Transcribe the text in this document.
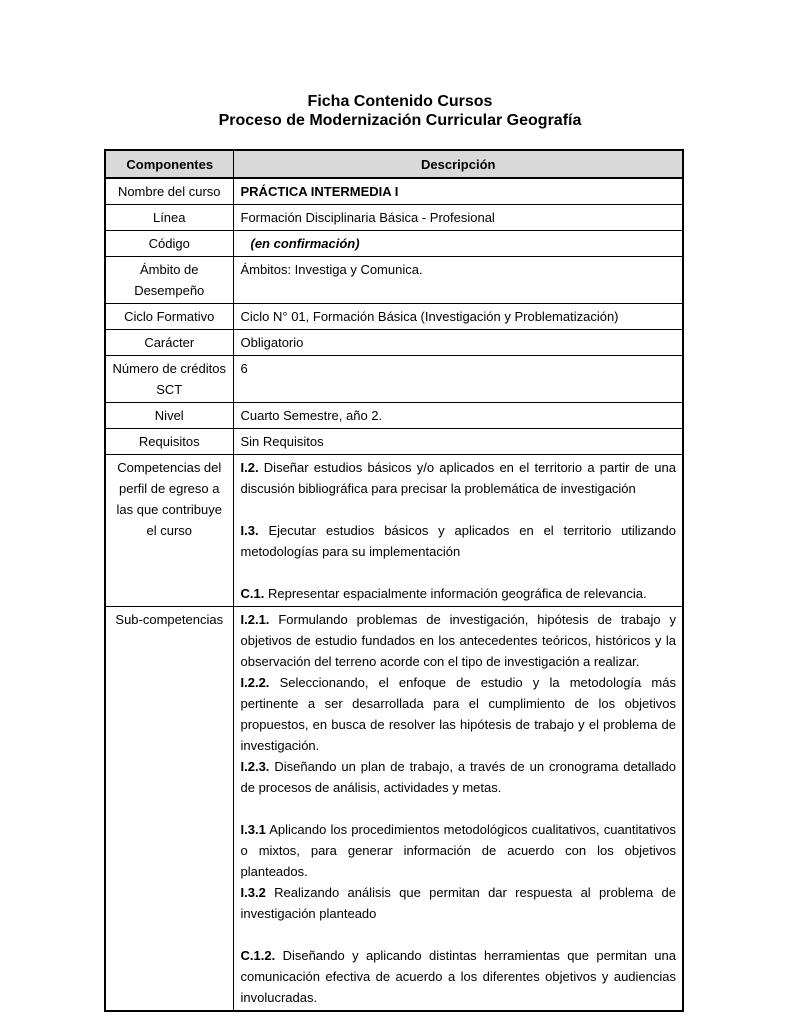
Ficha Contenido Cursos
Proceso de Modernización Curricular Geografía
Componentes	Descripción
Nombre del curso	PRÁCTICA INTERMEDIA I
Línea	Formación Disciplinaria Básica - Profesional
Código	(en confirmación)
Ámbito de Desempeño	Ámbitos: Investiga y Comunica.
Ciclo Formativo	Ciclo N° 01, Formación Básica (Investigación y Problematización)
Carácter	Obligatorio
Número de créditos SCT	6
Nivel	Cuarto Semestre, año 2.
Requisitos	Sin Requisitos
Competencias del perfil de egreso a las que contribuye el curso	I.2. Diseñar estudios básicos y/o aplicados en el territorio a partir de una discusión bibliográfica para precisar la problemática de investigación

I.3. Ejecutar estudios básicos y aplicados en el territorio utilizando metodologías para su implementación

C.1. Representar espacialmente información geográfica de relevancia.

Sub-competencias	I.2.1. Formulando problemas de investigación, hipótesis de trabajo y objetivos de estudio fundados en los antecedentes teóricos, históricos y la observación del terreno acorde con el tipo de investigación a realizar.

I.2.2. Seleccionando, el enfoque de estudio y la metodología más pertinente a ser desarrollada para el cumplimiento de los objetivos propuestos, en busca de resolver las hipótesis de trabajo y el problema de investigación.

I.2.3. Diseñando un plan de trabajo, a través de un cronograma detallado de procesos de análisis, actividades y metas.

I.3.1 Aplicando los procedimientos metodológicos cualitativos, cuantitativos o mixtos, para generar información de acuerdo con los objetivos planteados.

I.3.2 Realizando análisis que permitan dar respuesta al problema de investigación planteado

C.1.2. Diseñando y aplicando distintas herramientas que permitan una comunicación efectiva de acuerdo a los diferentes objetivos y audiencias involucradas.
